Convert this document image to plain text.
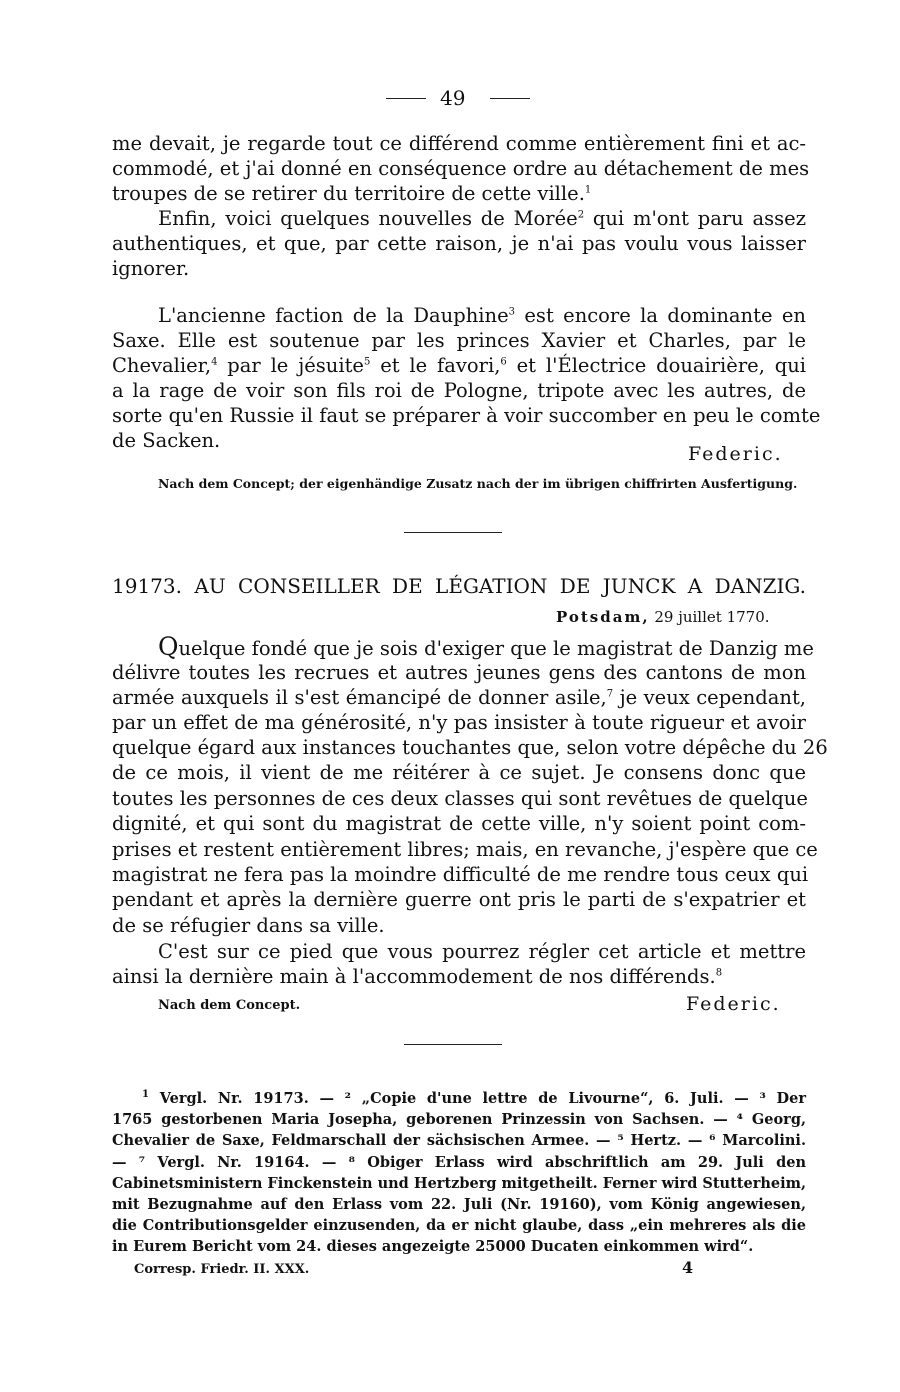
49
me devait, je regarde tout ce différend comme entièrement fini et ac-
commodé, et j'ai donné en conséquence ordre au détachement de mes
troupes de se retirer du territoire de cette ville.$^1$
Enfin, voici quelques nouvelles de Morée$^2$ qui m'ont paru assez
authentiques, et que, par cette raison, je n'ai pas voulu vous laisser
ignorer.
L'ancienne faction de la Dauphine$^3$ est encore la dominante en
Saxe. Elle est soutenue par les princes Xavier et Charles, par le
Chevalier,$^4$ par le jésuite$^5$ et le favori,$^6$ et l'Électrice douairière, qui
a la rage de voir son fils roi de Pologne, tripote avec les autres, de
sorte qu'en Russie il faut se préparer à voir succomber en peu le comte
de Sacken.
Federic.
Nach dem Concept; der eigenhändige Zusatz nach der im übrigen chiffrirten Ausfertigung.
19173. AU CONSEILLER DE LÉGATION DE JUNCK A DANZIG.
Potsdam, 29 juillet 1770.
Quelque fondé que je sois d'exiger que le magistrat de Danzig me
délivre toutes les recrues et autres jeunes gens des cantons de mon
armée auxquels il s'est émancipé de donner asile,$^7$ je veux cependant,
par un effet de ma générosité, n'y pas insister à toute rigueur et avoir
quelque égard aux instances touchantes que, selon votre dépêche du 26
de ce mois, il vient de me réitérer à ce sujet. Je consens donc que
toutes les personnes de ces deux classes qui sont revêtues de quelque
dignité, et qui sont du magistrat de cette ville, n'y soient point com-
prises et restent entièrement libres; mais, en revanche, j'espère que ce
magistrat ne fera pas la moindre difficulté de me rendre tous ceux qui
pendant et après la dernière guerre ont pris le parti de s'expatrier et
de se réfugier dans sa ville.
C'est sur ce pied que vous pourrez régler cet article et mettre
ainsi la dernière main à l'accommodement de nos différends.$^8$
Nach dem Concept.	Federic.
$^1$ Vergl. Nr. 19173. — ² „Copie d'une lettre de Livourne“, 6. Juli. — ³ Der
1765 gestorbenen Maria Josepha, geborenen Prinzessin von Sachsen. — ⁴ Georg,
Chevalier de Saxe, Feldmarschall der sächsischen Armee. — ⁵ Hertz. — ⁶ Marcolini.
— ⁷ Vergl. Nr. 19164. — ⁸ Obiger Erlass wird abschriftlich am 29. Juli den
Cabinetsministern Finckenstein und Hertzberg mitgetheilt. Ferner wird Stutterheim,
mit Bezugnahme auf den Erlass vom 22. Juli (Nr. 19160), vom König angewiesen,
die Contributionsgelder einzusenden, da er nicht glaube, dass „ein mehreres als die
in Eurem Bericht vom 24. dieses angezeigte 25000 Ducaten einkommen wird“.
Corresp. Friedr. II. XXX.	4
